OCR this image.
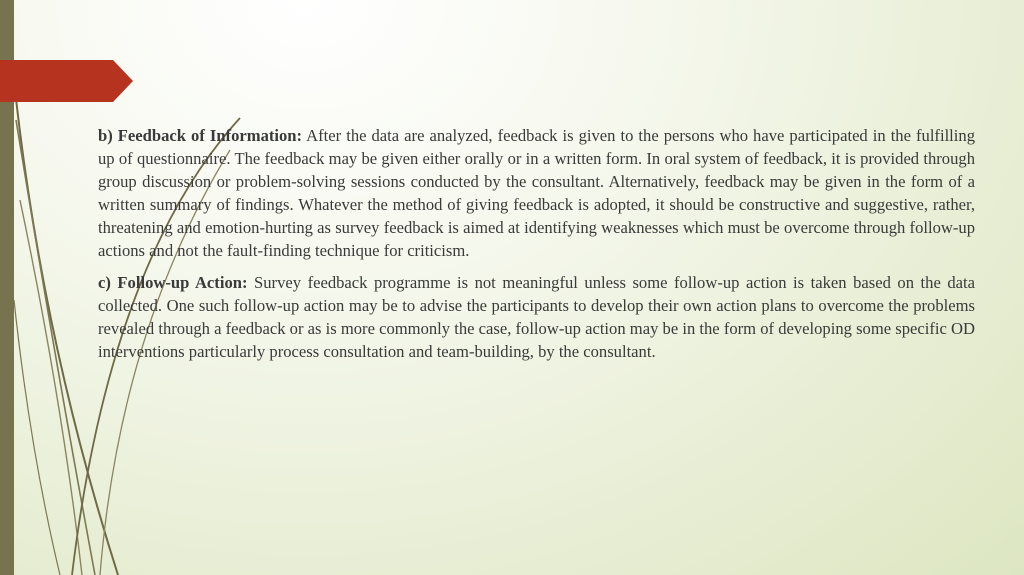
b) Feedback of Information: After the data are analyzed, feedback is given to the persons who have participated in the fulfilling up of questionnaire. The feedback may be given either orally or in a written form. In oral system of feedback, it is provided through group discussion or problem-solving sessions conducted by the consultant. Alternatively, feedback may be given in the form of a written summary of findings. Whatever the method of giving feedback is adopted, it should be constructive and suggestive, rather, threatening and emotion-hurting as survey feedback is aimed at identifying weaknesses which must be overcome through follow-up actions and not the fault-finding technique for criticism.

c) Follow-up Action: Survey feedback programme is not meaningful unless some follow-up action is taken based on the data collected. One such follow-up action may be to advise the participants to develop their own action plans to overcome the problems revealed through a feedback or as is more commonly the case, follow-up action may be in the form of developing some specific OD interventions particularly process consultation and team-building, by the consultant.
